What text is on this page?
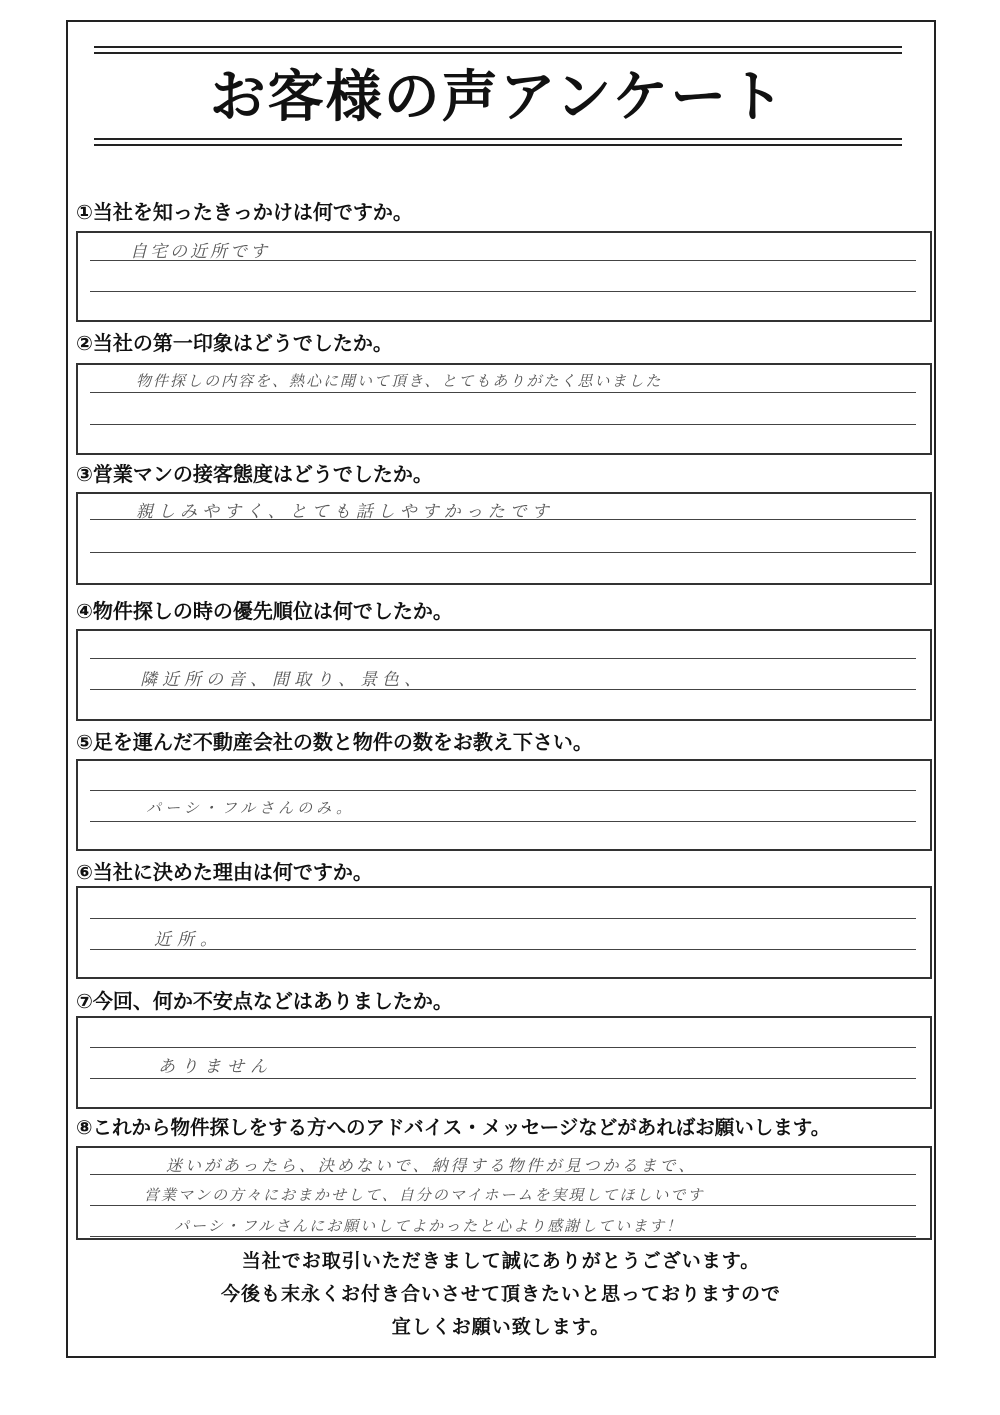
お客様の声アンケート
①当社を知ったきっかけは何ですか。
自宅の近所です
②当社の第一印象はどうでしたか。
物件探しの内容を、熱心に聞いて頂き、とてもありがたく思いました
③営業マンの接客態度はどうでしたか。
親しみやすく、とても話しやすかったです
④物件探しの時の優先順位は何でしたか。
隣近所の音、間取り、景色、
⑤足を運んだ不動産会社の数と物件の数をお教え下さい。
パーシ・フルさんのみ。
⑥当社に決めた理由は何ですか。
近所。
⑦今回、何か不安点などはありましたか。
ありません
⑧これから物件探しをする方へのアドバイス・メッセージなどがあればお願いします。
迷いがあったら、決めないで、納得する物件が見つかるまで、
営業マンの方々におまかせして、自分のマイホームを実現してほしいです
パーシ・フルさんにお願いしてよかったと心より感謝しています！
当社でお取引いただきまして誠にありがとうございます。
今後も末永くお付き合いさせて頂きたいと思っておりますので
宜しくお願い致します。
